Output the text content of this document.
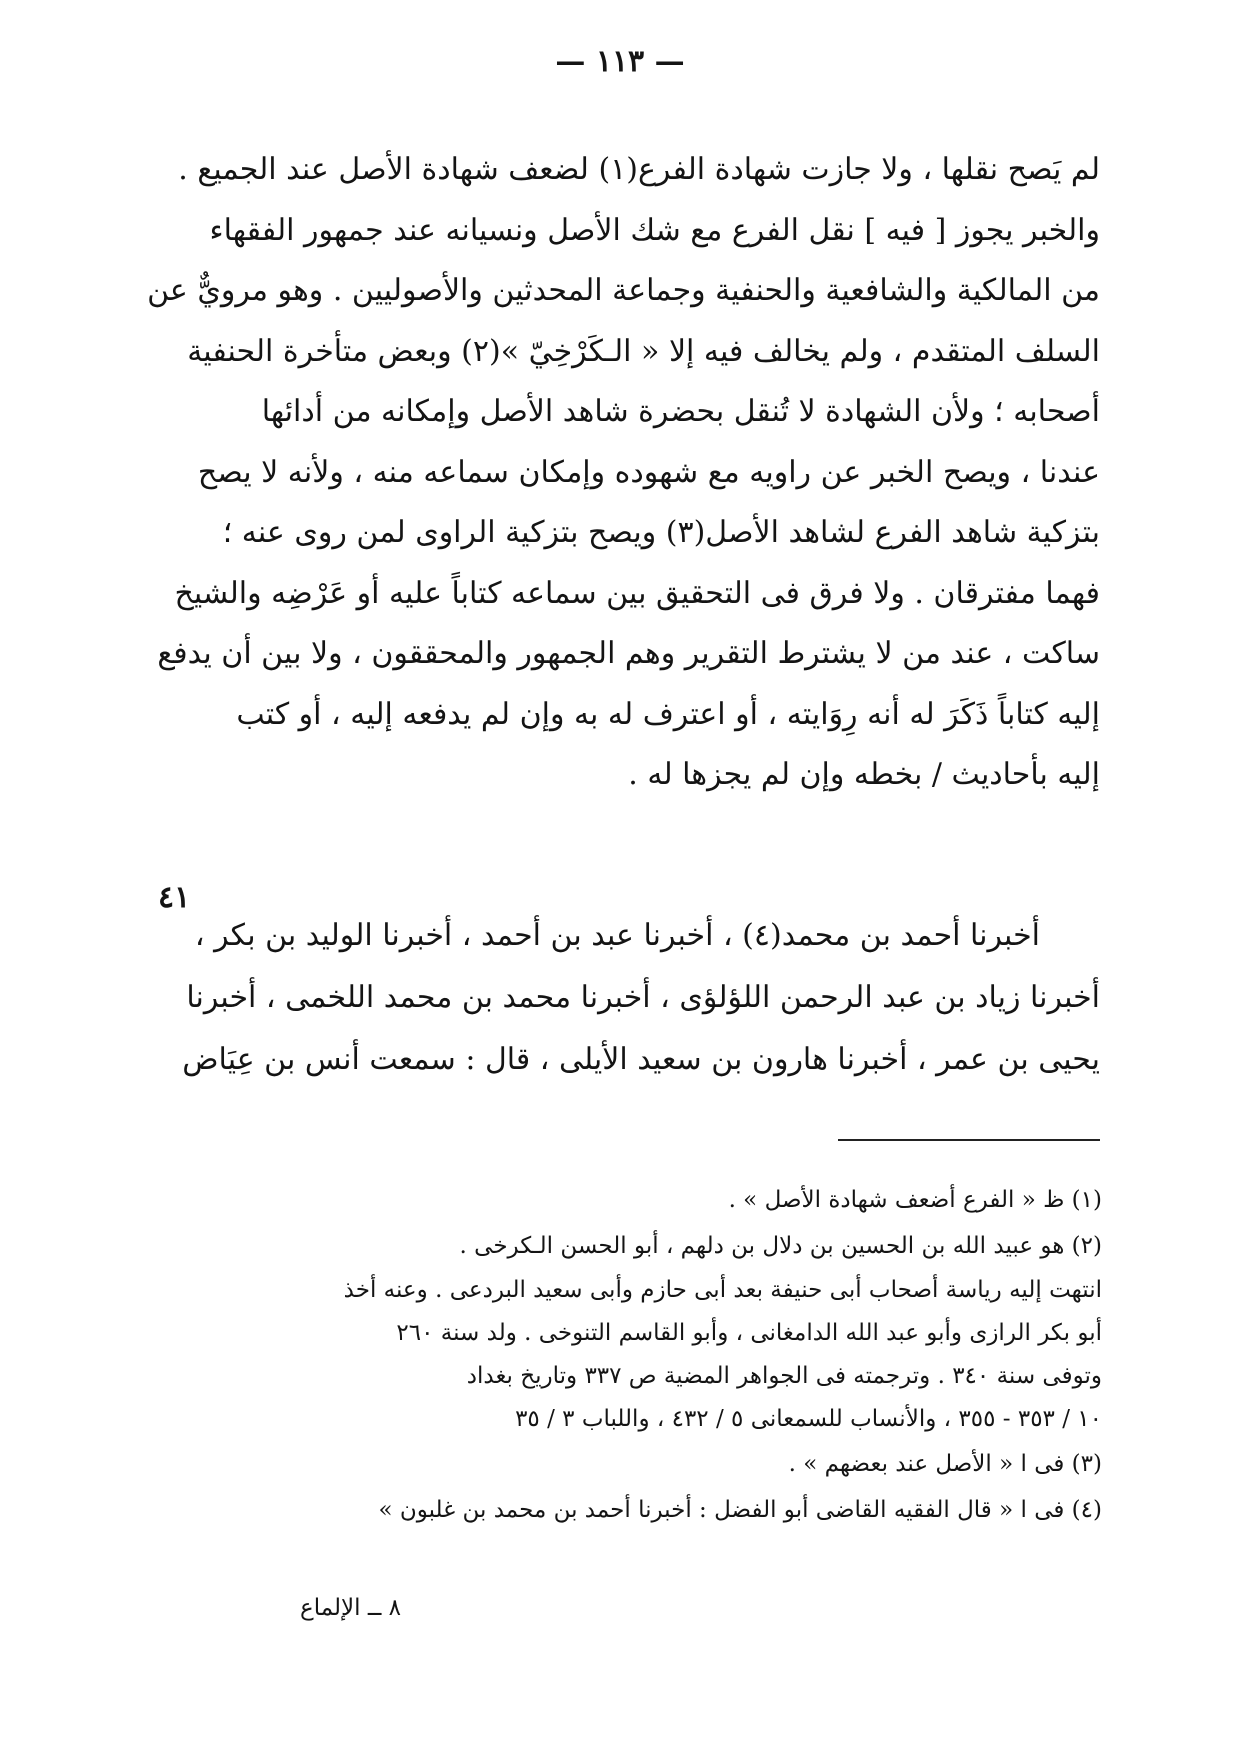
— ١١٣ —
لم يَصح نقلها ، ولا جازت شهادة الفرع(١) لضعف شهادة الأصل عند الجميع .
والخبر يجوز [ فيه ] نقل الفرع مع شك الأصل ونسيانه عند جمهور الفقهاء
من المالكية والشافعية والحنفية وجماعة المحدثين والأصوليين . وهو مرويٌّ عن
السلف المتقدم ، ولم يخالف فيه إلا « الـكَرْخِيّ »(٢) وبعض متأخرة الحنفية
أصحابه ؛ ولأن الشهادة لا تُنقل بحضرة شاهد الأصل وإمكانه من أدائها
عندنا ، ويصح الخبر عن راويه مع شهوده وإمكان سماعه منه ، ولأنه لا يصح
بتزكية شاهد الفرع لشاهد الأصل(٣) ويصح بتزكية الراوى لمن روى عنه ؛
فهما مفترقان . ولا فرق فى التحقيق بين سماعه كتاباً عليه أو عَرْضِه والشيخ
ساكت ، عند من لا يشترط التقرير وهم الجمهور والمحققون ، ولا بين أن يدفع
إليه كتاباً ذَكَرَ له أنه رِوَايته ، أو اعترف له به وإن لم يدفعه إليه ، أو كتب
إليه بأحاديث / بخطه وإن لم يجزها له .
٤١
أخبرنا أحمد بن محمد(٤) ، أخبرنا عبد بن أحمد ، أخبرنا الوليد بن بكر ،
أخبرنا زياد بن عبد الرحمن اللؤلؤى ، أخبرنا محمد بن محمد اللخمى ، أخبرنا
يحيى بن عمر ، أخبرنا هارون بن سعيد الأيلى ، قال : سمعت أنس بن عِيَاض
(١) ظ « الفرع أضعف شهادة الأصل » .
(٢) هو عبيد الله بن الحسين بن دلال بن دلهم ، أبو الحسن الـكرخى .
انتهت إليه رياسة أصحاب أبى حنيفة بعد أبى حازم وأبى سعيد البردعى . وعنه أخذ
أبو بكر الرازى وأبو عبد الله الدامغانى ، وأبو القاسم التنوخى . ولد سنة ٢٦٠
وتوفى سنة ٣٤٠ . وترجمته فى الجواهر المضية ص ٣٣٧ وتاريخ بغداد
١٠ / ٣٥٣ - ٣٥٥ ، والأنساب للسمعانى ٥ / ٤٣٢ ، واللباب ٣ / ٣٥
(٣) فى ا « الأصل عند بعضهم » .
(٤) فى ا « قال الفقيه القاضى أبو الفضل : أخبرنا أحمد بن محمد بن غلبون »
٨ ــ الإلماع
